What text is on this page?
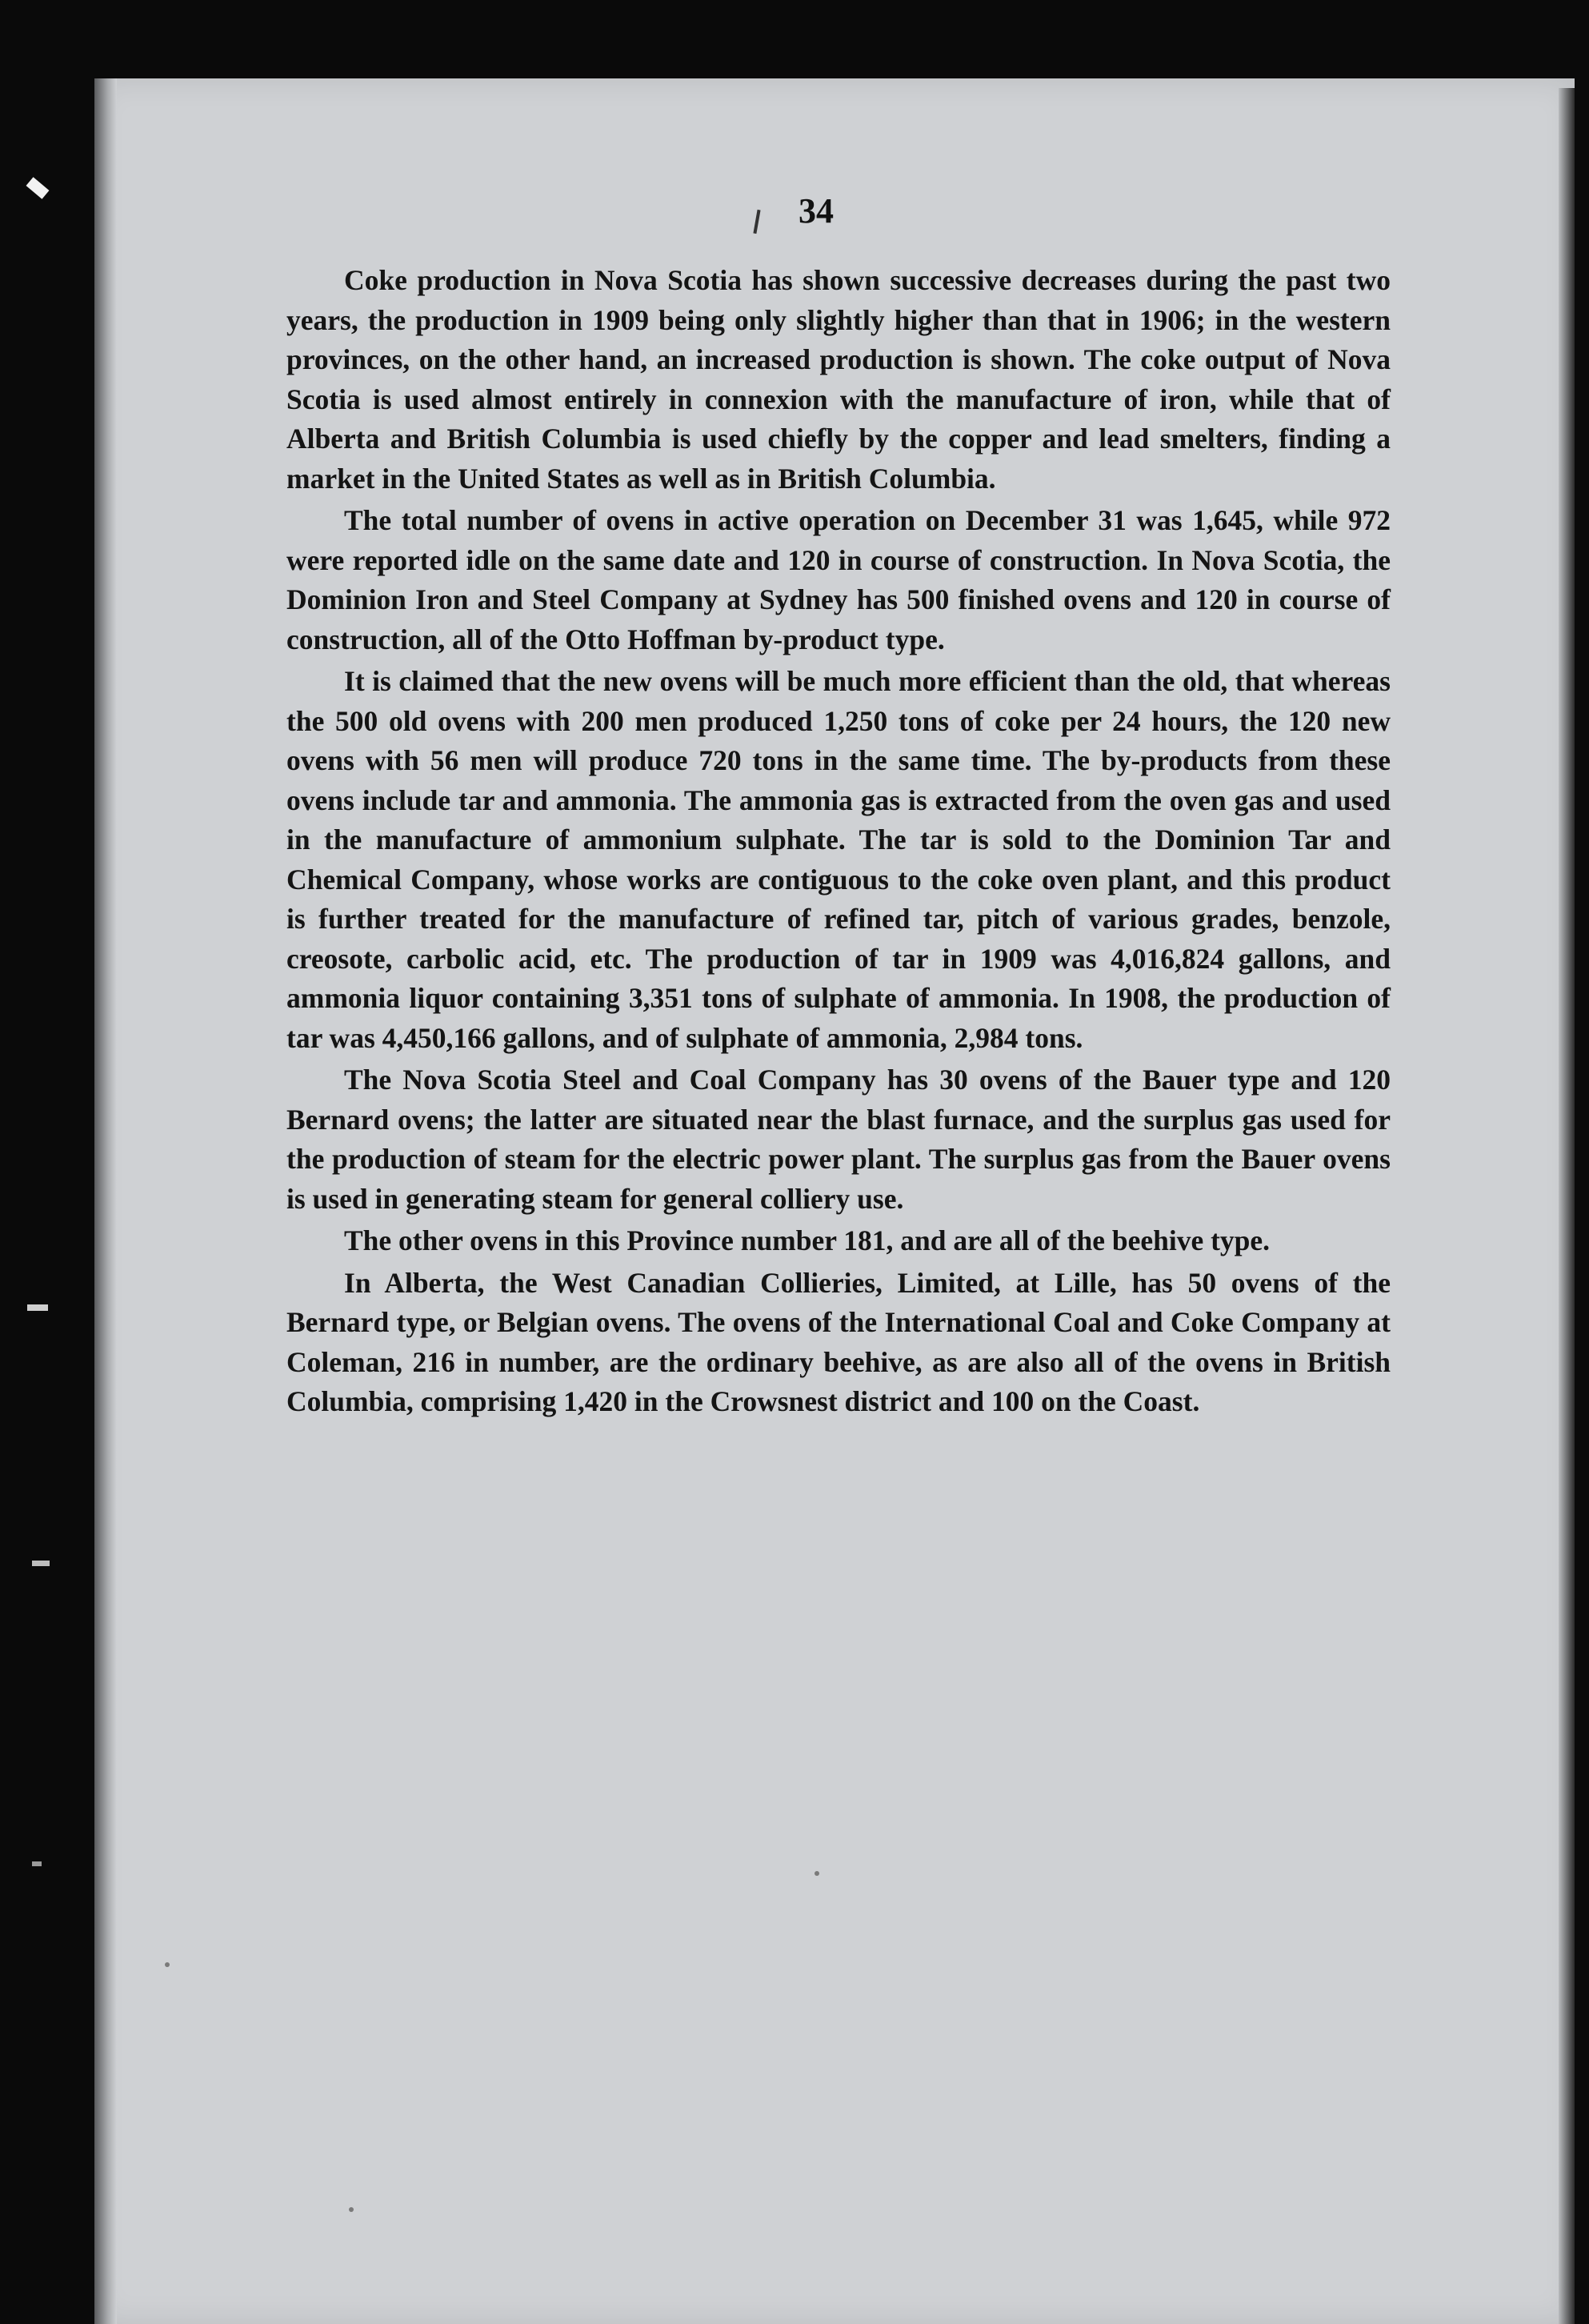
34

Coke production in Nova Scotia has shown successive decreases during the past two years, the production in 1909 being only slightly higher than that in 1906; in the western provinces, on the other hand, an increased production is shown. The coke output of Nova Scotia is used almost entirely in connexion with the manufacture of iron, while that of Alberta and British Columbia is used chiefly by the copper and lead smelters, finding a market in the United States as well as in British Columbia.

The total number of ovens in active operation on December 31 was 1,645, while 972 were reported idle on the same date and 120 in course of construction. In Nova Scotia, the Dominion Iron and Steel Company at Sydney has 500 finished ovens and 120 in course of construction, all of the Otto Hoffman by-product type.

It is claimed that the new ovens will be much more efficient than the old, that whereas the 500 old ovens with 200 men produced 1,250 tons of coke per 24 hours, the 120 new ovens with 56 men will produce 720 tons in the same time. The by-products from these ovens include tar and ammonia. The ammonia gas is extracted from the oven gas and used in the manufacture of ammonium sulphate. The tar is sold to the Dominion Tar and Chemical Company, whose works are contiguous to the coke oven plant, and this product is further treated for the manufacture of refined tar, pitch of various grades, benzole, creosote, carbolic acid, etc. The production of tar in 1909 was 4,016,824 gallons, and ammonia liquor containing 3,351 tons of sulphate of ammonia. In 1908, the production of tar was 4,450,166 gallons, and of sulphate of ammonia, 2,984 tons.

The Nova Scotia Steel and Coal Company has 30 ovens of the Bauer type and 120 Bernard ovens; the latter are situated near the blast furnace, and the surplus gas used for the production of steam for the electric power plant. The surplus gas from the Bauer ovens is used in generating steam for general colliery use.

The other ovens in this Province number 181, and are all of the beehive type.

In Alberta, the West Canadian Collieries, Limited, at Lille, has 50 ovens of the Bernard type, or Belgian ovens. The ovens of the International Coal and Coke Company at Coleman, 216 in number, are the ordinary beehive, as are also all of the ovens in British Columbia, comprising 1,420 in the Crowsnest district and 100 on the Coast.
